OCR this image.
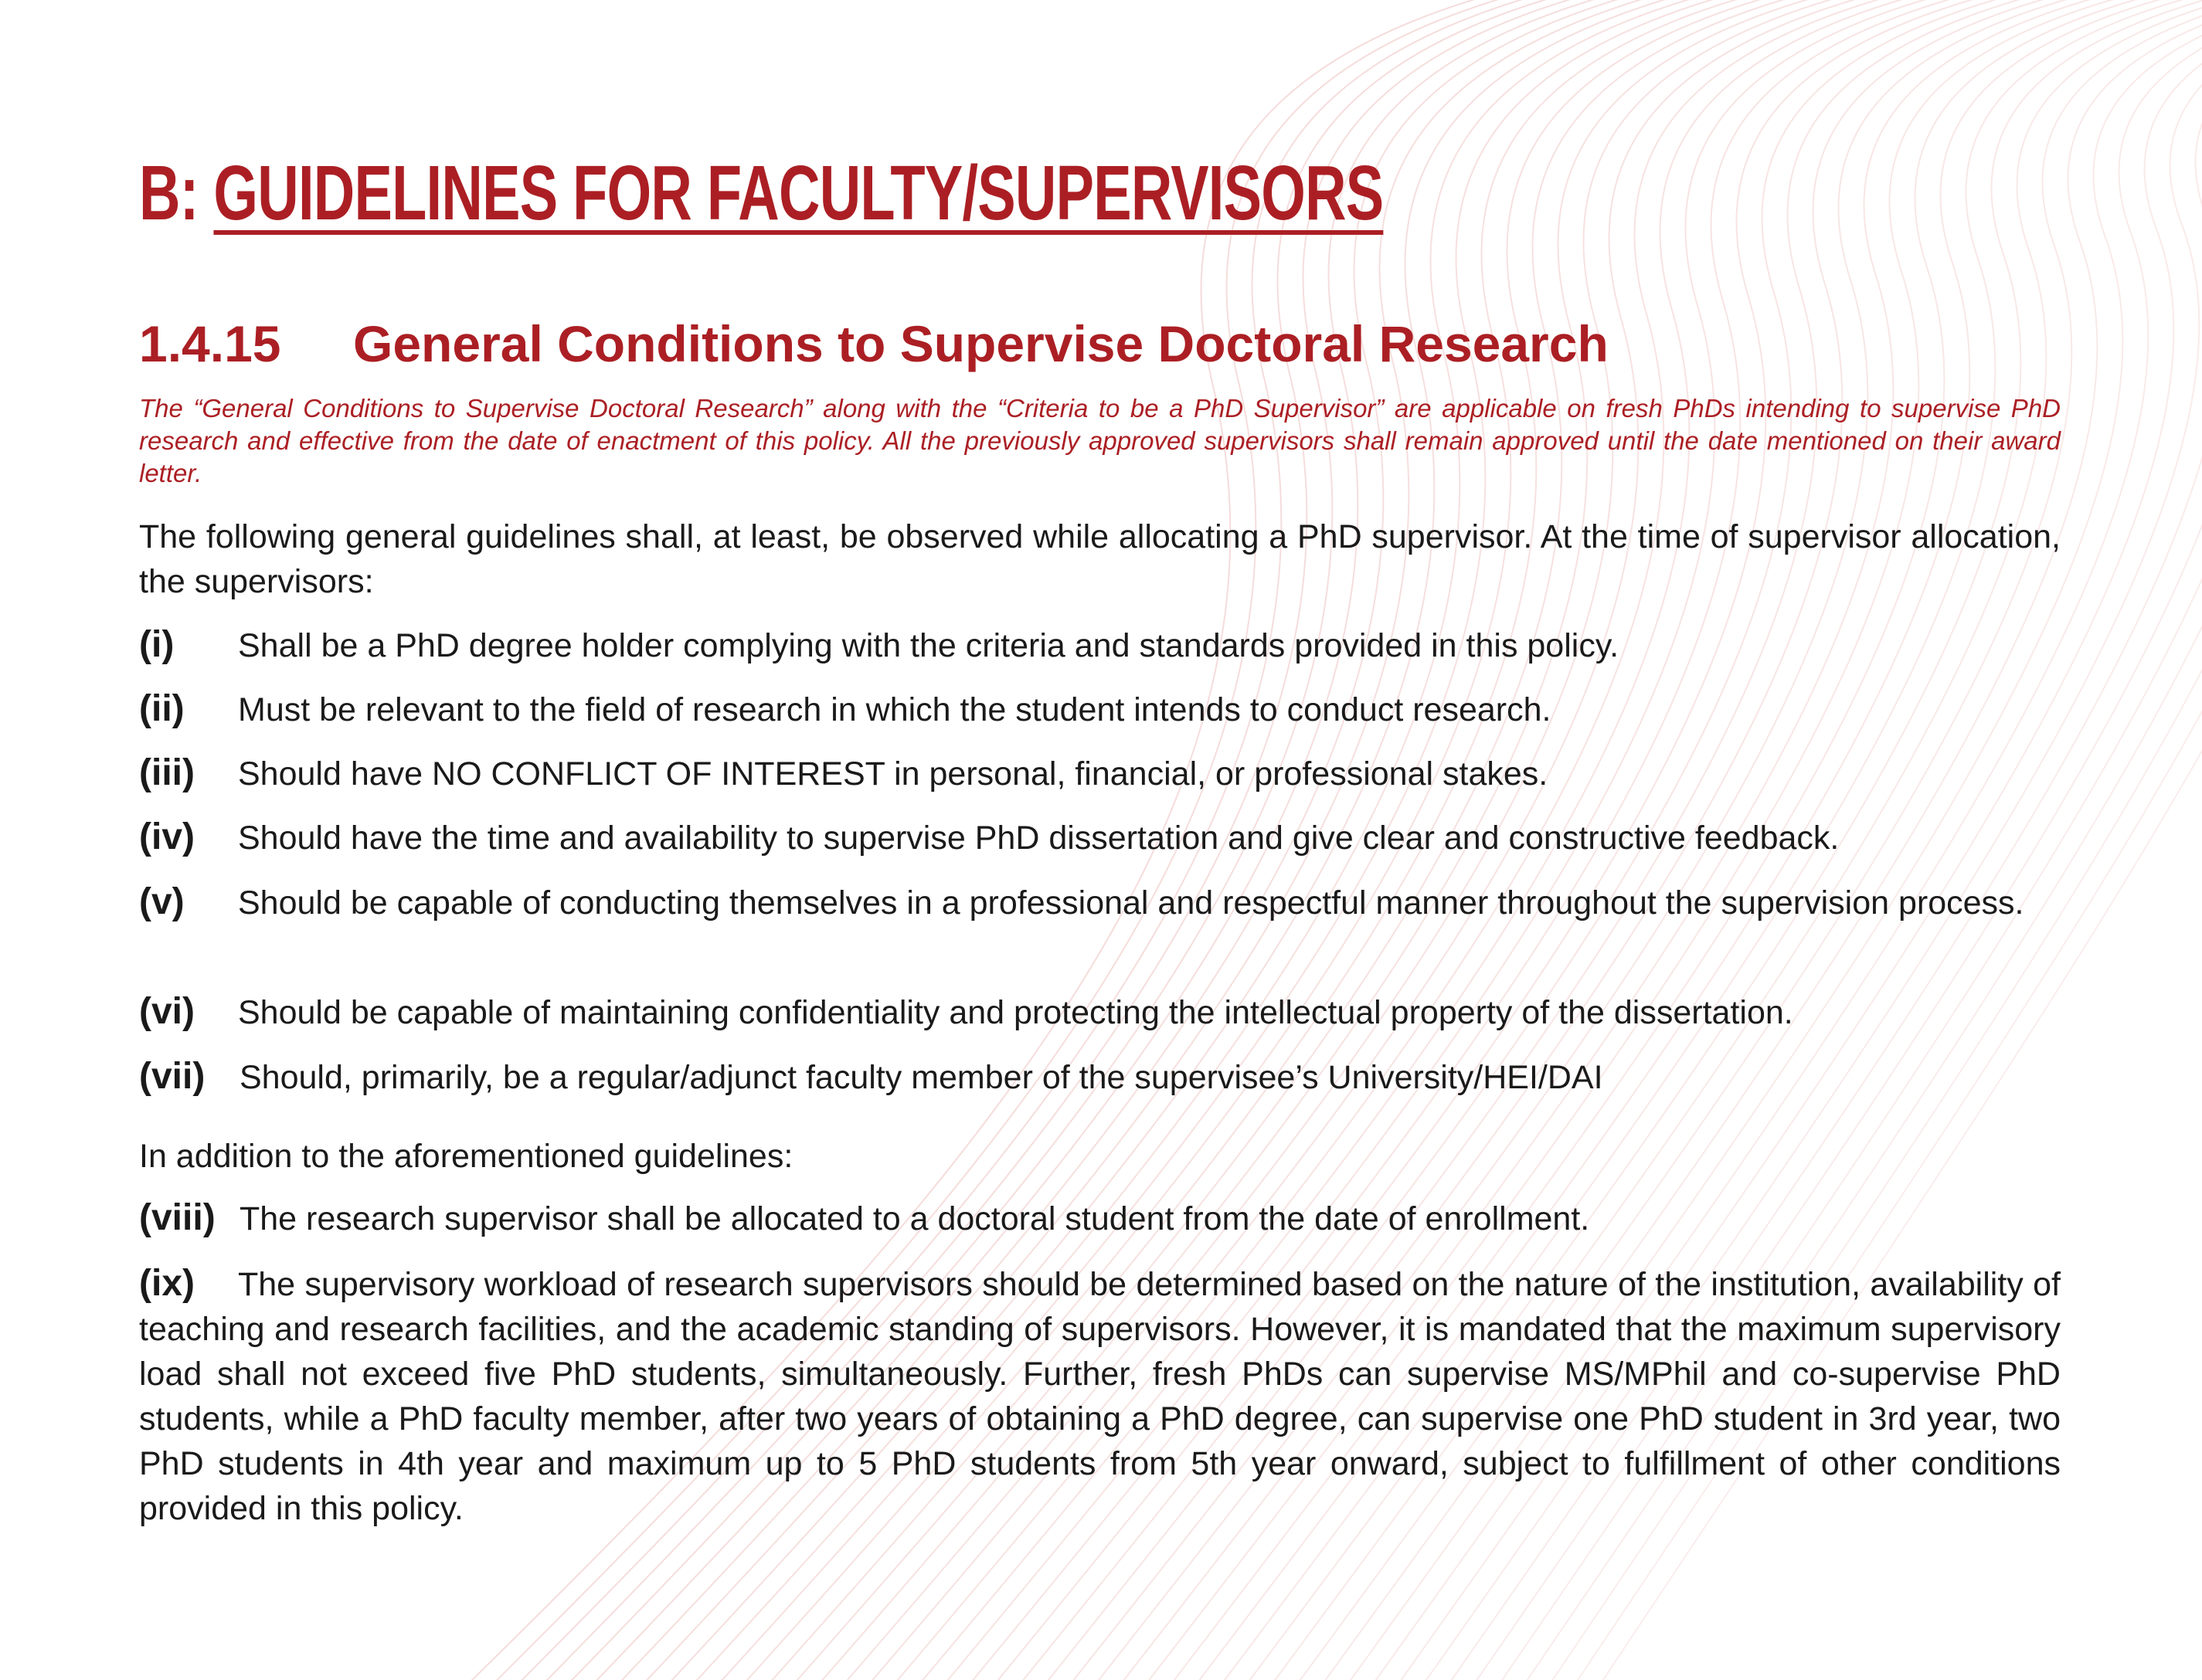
B: GUIDELINES FOR FACULTY/SUPERVISORS
1.4.15 General Conditions to Supervise Doctoral Research

The “General Conditions to Supervise Doctoral Research” along with the “Criteria to be a PhD Supervisor” are applicable on fresh PhDs intending to supervise PhD research and effective from the date of enactment of this policy. All the previously approved supervisors shall remain approved until the date mentioned on their award letter.

The following general guidelines shall, at least, be observed while allocating a PhD supervisor. At the time of supervisor allocation, the supervisors:

(i) Shall be a PhD degree holder complying with the criteria and standards provided in this policy.

(ii) Must be relevant to the field of research in which the student intends to conduct research.

(iii) Should have NO CONFLICT OF INTEREST in personal, financial, or professional stakes.

(iv) Should have the time and availability to supervise PhD dissertation and give clear and constructive feedback.

(v) Should be capable of conducting themselves in a professional and respectful manner throughout the supervision process.

(vi) Should be capable of maintaining confidentiality and protecting the intellectual property of the dissertation.

(vii) Should, primarily, be a regular/adjunct faculty member of the supervisee’s University/HEI/DAI

In addition to the aforementioned guidelines:

(viii) The research supervisor shall be allocated to a doctoral student from the date of enrollment.

(ix) The supervisory workload of research supervisors should be determined based on the nature of the institution, availability of teaching and research facilities, and the academic standing of supervisors. However, it is mandated that the maximum supervisory load shall not exceed five PhD students, simultaneously. Further, fresh PhDs can supervise MS/MPhil and co-supervise PhD students, while a PhD faculty member, after two years of obtaining a PhD degree, can supervise one PhD student in 3rd year, two PhD students in 4th year and maximum up to 5 PhD students from 5th year onward, subject to fulfillment of other conditions provided in this policy.
